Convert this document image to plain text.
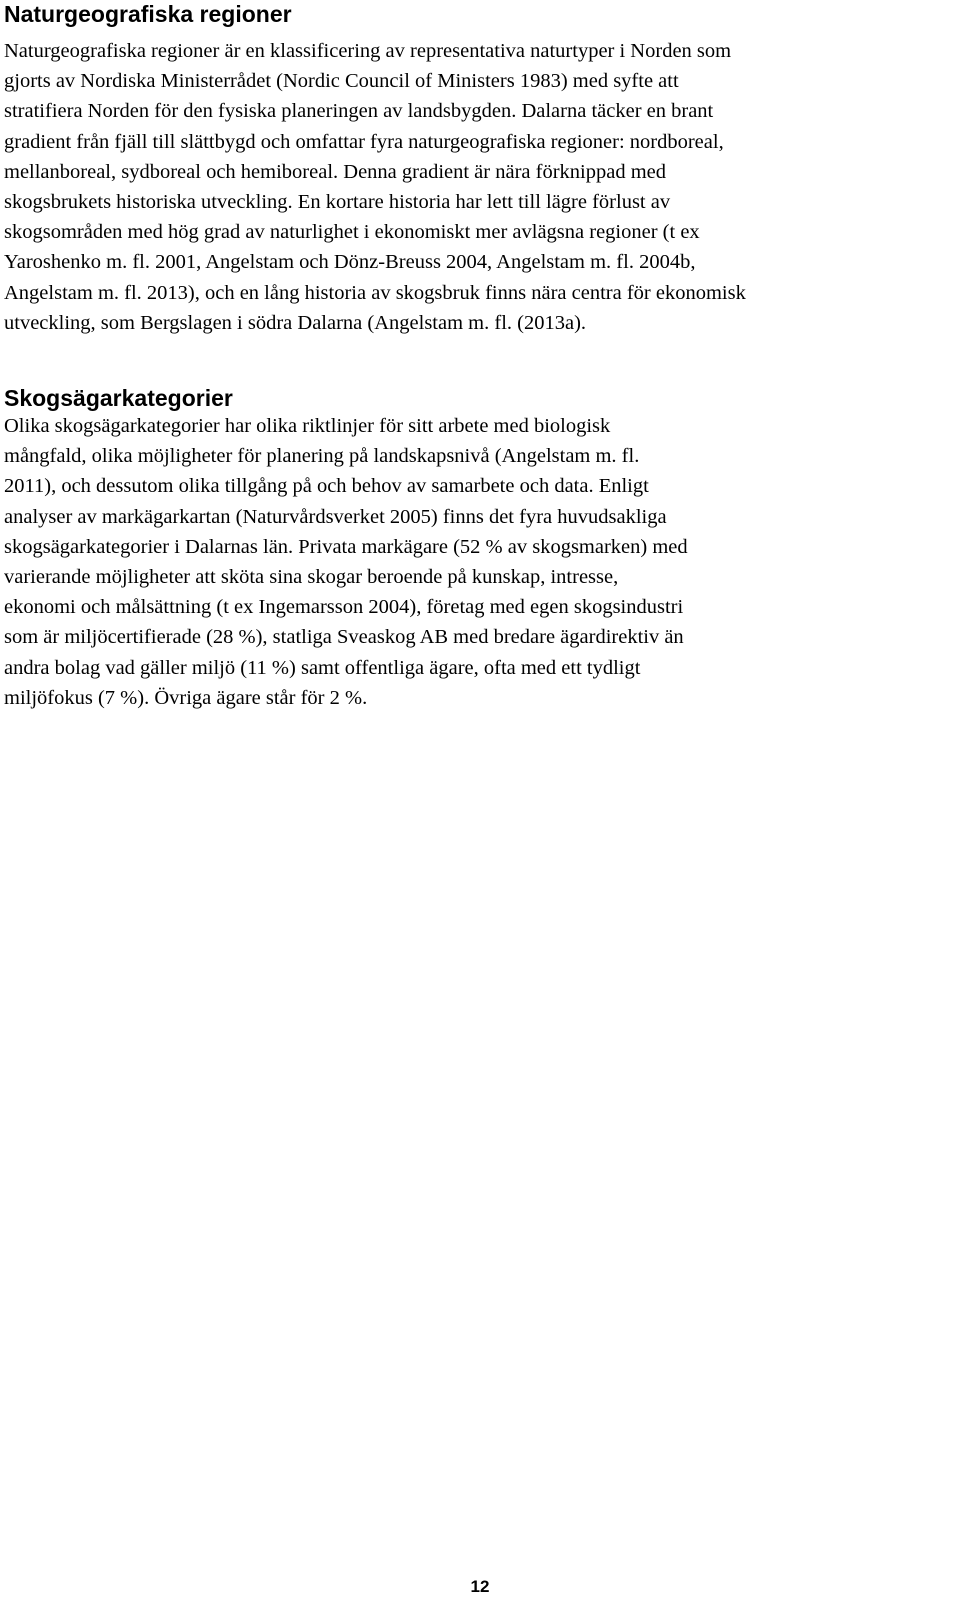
Naturgeografiska regioner

Naturgeografiska regioner är en klassificering av representativa naturtyper i Norden som
gjorts av Nordiska Ministerrådet (Nordic Council of Ministers 1983) med syfte att
stratifiera Norden för den fysiska planeringen av landsbygden. Dalarna täcker en brant
gradient från fjäll till slättbygd och omfattar fyra naturgeografiska regioner: nordboreal,
mellanboreal, sydboreal och hemiboreal. Denna gradient är nära förknippad med
skogsbrukets historiska utveckling. En kortare historia har lett till lägre förlust av
skogsområden med hög grad av naturlighet i ekonomiskt mer avlägsna regioner (t ex
Yaroshenko m. fl. 2001, Angelstam och Dönz-Breuss 2004, Angelstam m. fl. 2004b,
Angelstam m. fl. 2013), och en lång historia av skogsbruk finns nära centra för ekonomisk
utveckling, som Bergslagen i södra Dalarna (Angelstam m. fl. (2013a).

Skogsägarkategorier

Olika skogsägarkategorier har olika riktlinjer för sitt arbete med biologisk
mångfald, olika möjligheter för planering på landskapsnivå (Angelstam m. fl.
2011), och dessutom olika tillgång på och behov av samarbete och data. Enligt
analyser av markägarkartan (Naturvårdsverket 2005) finns det fyra huvudsakliga
skogsägarkategorier i Dalarnas län. Privata markägare (52 % av skogsmarken) med
varierande möjligheter att sköta sina skogar beroende på kunskap, intresse,
ekonomi och målsättning (t ex Ingemarsson 2004), företag med egen skogsindustri
som är miljöcertifierade (28 %), statliga Sveaskog AB med bredare ägardirektiv än
andra bolag vad gäller miljö (11 %) samt offentliga ägare, ofta med ett tydligt
miljöfokus (7 %). Övriga ägare står för 2 %.

12
